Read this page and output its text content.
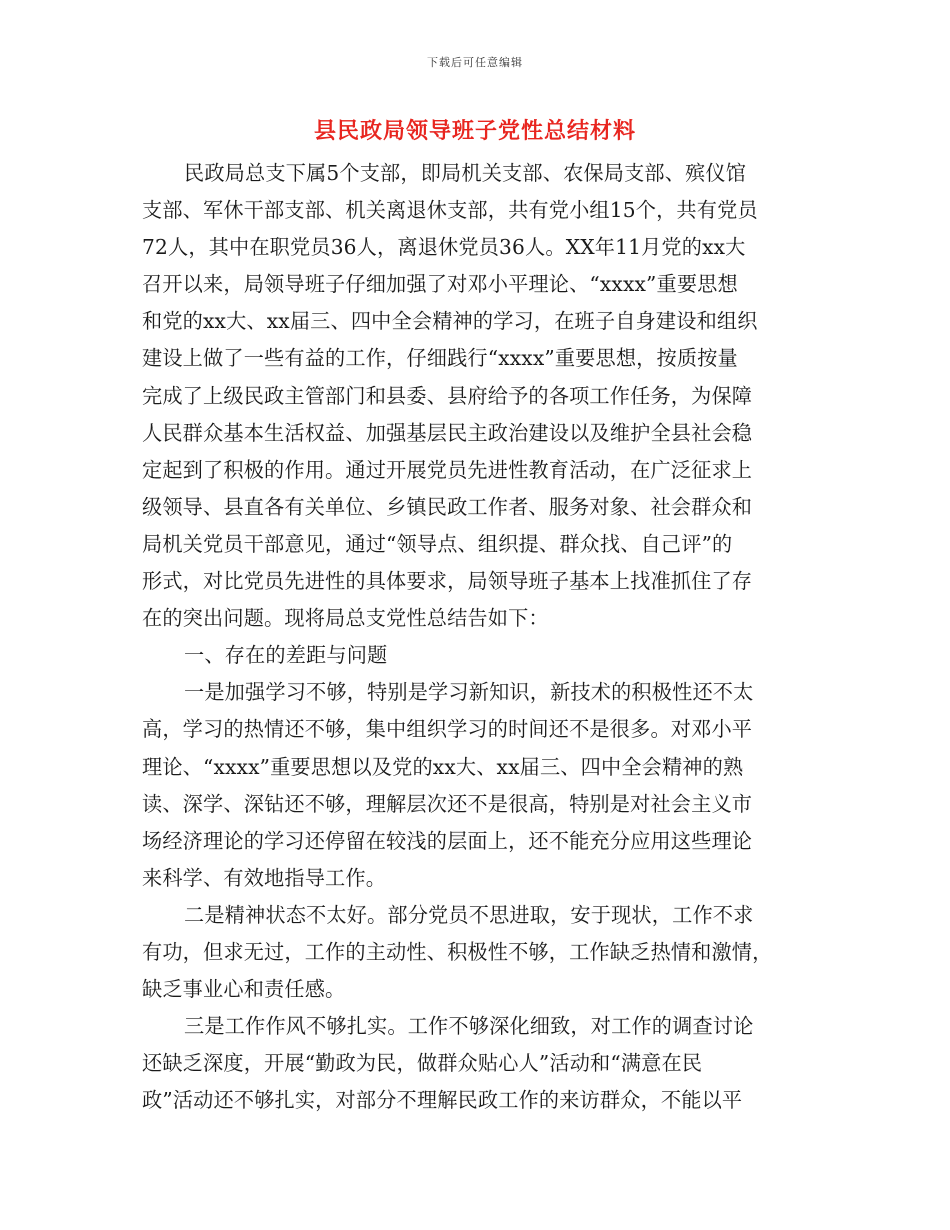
下载后可任意编辑
县民政局领导班子党性总结材料
民政局总支下属5个支部，即局机关支部、农保局支部、殡仪馆
支部、军休干部支部、机关离退休支部，共有党小组15个，共有党员
72人，其中在职党员36人，离退休党员36人。XX年11月党的xx大
召开以来，局领导班子仔细加强了对邓小平理论、“xxxx”重要思想
和党的xx大、xx届三、四中全会精神的学习，在班子自身建设和组织
建设上做了一些有益的工作，仔细践行“xxxx”重要思想，按质按量
完成了上级民政主管部门和县委、县府给予的各项工作任务，为保障
人民群众基本生活权益、加强基层民主政治建设以及维护全县社会稳
定起到了积极的作用。通过开展党员先进性教育活动，在广泛征求上
级领导、县直各有关单位、乡镇民政工作者、服务对象、社会群众和
局机关党员干部意见，通过“领导点、组织提、群众找、自己评”的
形式，对比党员先进性的具体要求，局领导班子基本上找准抓住了存
在的突出问题。现将局总支党性总结告如下：
一、存在的差距与问题
一是加强学习不够，特别是学习新知识，新技术的积极性还不太
高，学习的热情还不够，集中组织学习的时间还不是很多。对邓小平
理论、“xxxx”重要思想以及党的xx大、xx届三、四中全会精神的熟
读、深学、深钻还不够，理解层次还不是很高，特别是对社会主义市
场经济理论的学习还停留在较浅的层面上，还不能充分应用这些理论
来科学、有效地指导工作。
二是精神状态不太好。部分党员不思进取，安于现状，工作不求
有功，但求无过，工作的主动性、积极性不够，工作缺乏热情和激情，
缺乏事业心和责任感。
三是工作作风不够扎实。工作不够深化细致，对工作的调查讨论
还缺乏深度，开展“勤政为民，做群众贴心人”活动和“满意在民
政”活动还不够扎实，对部分不理解民政工作的来访群众，不能以平
